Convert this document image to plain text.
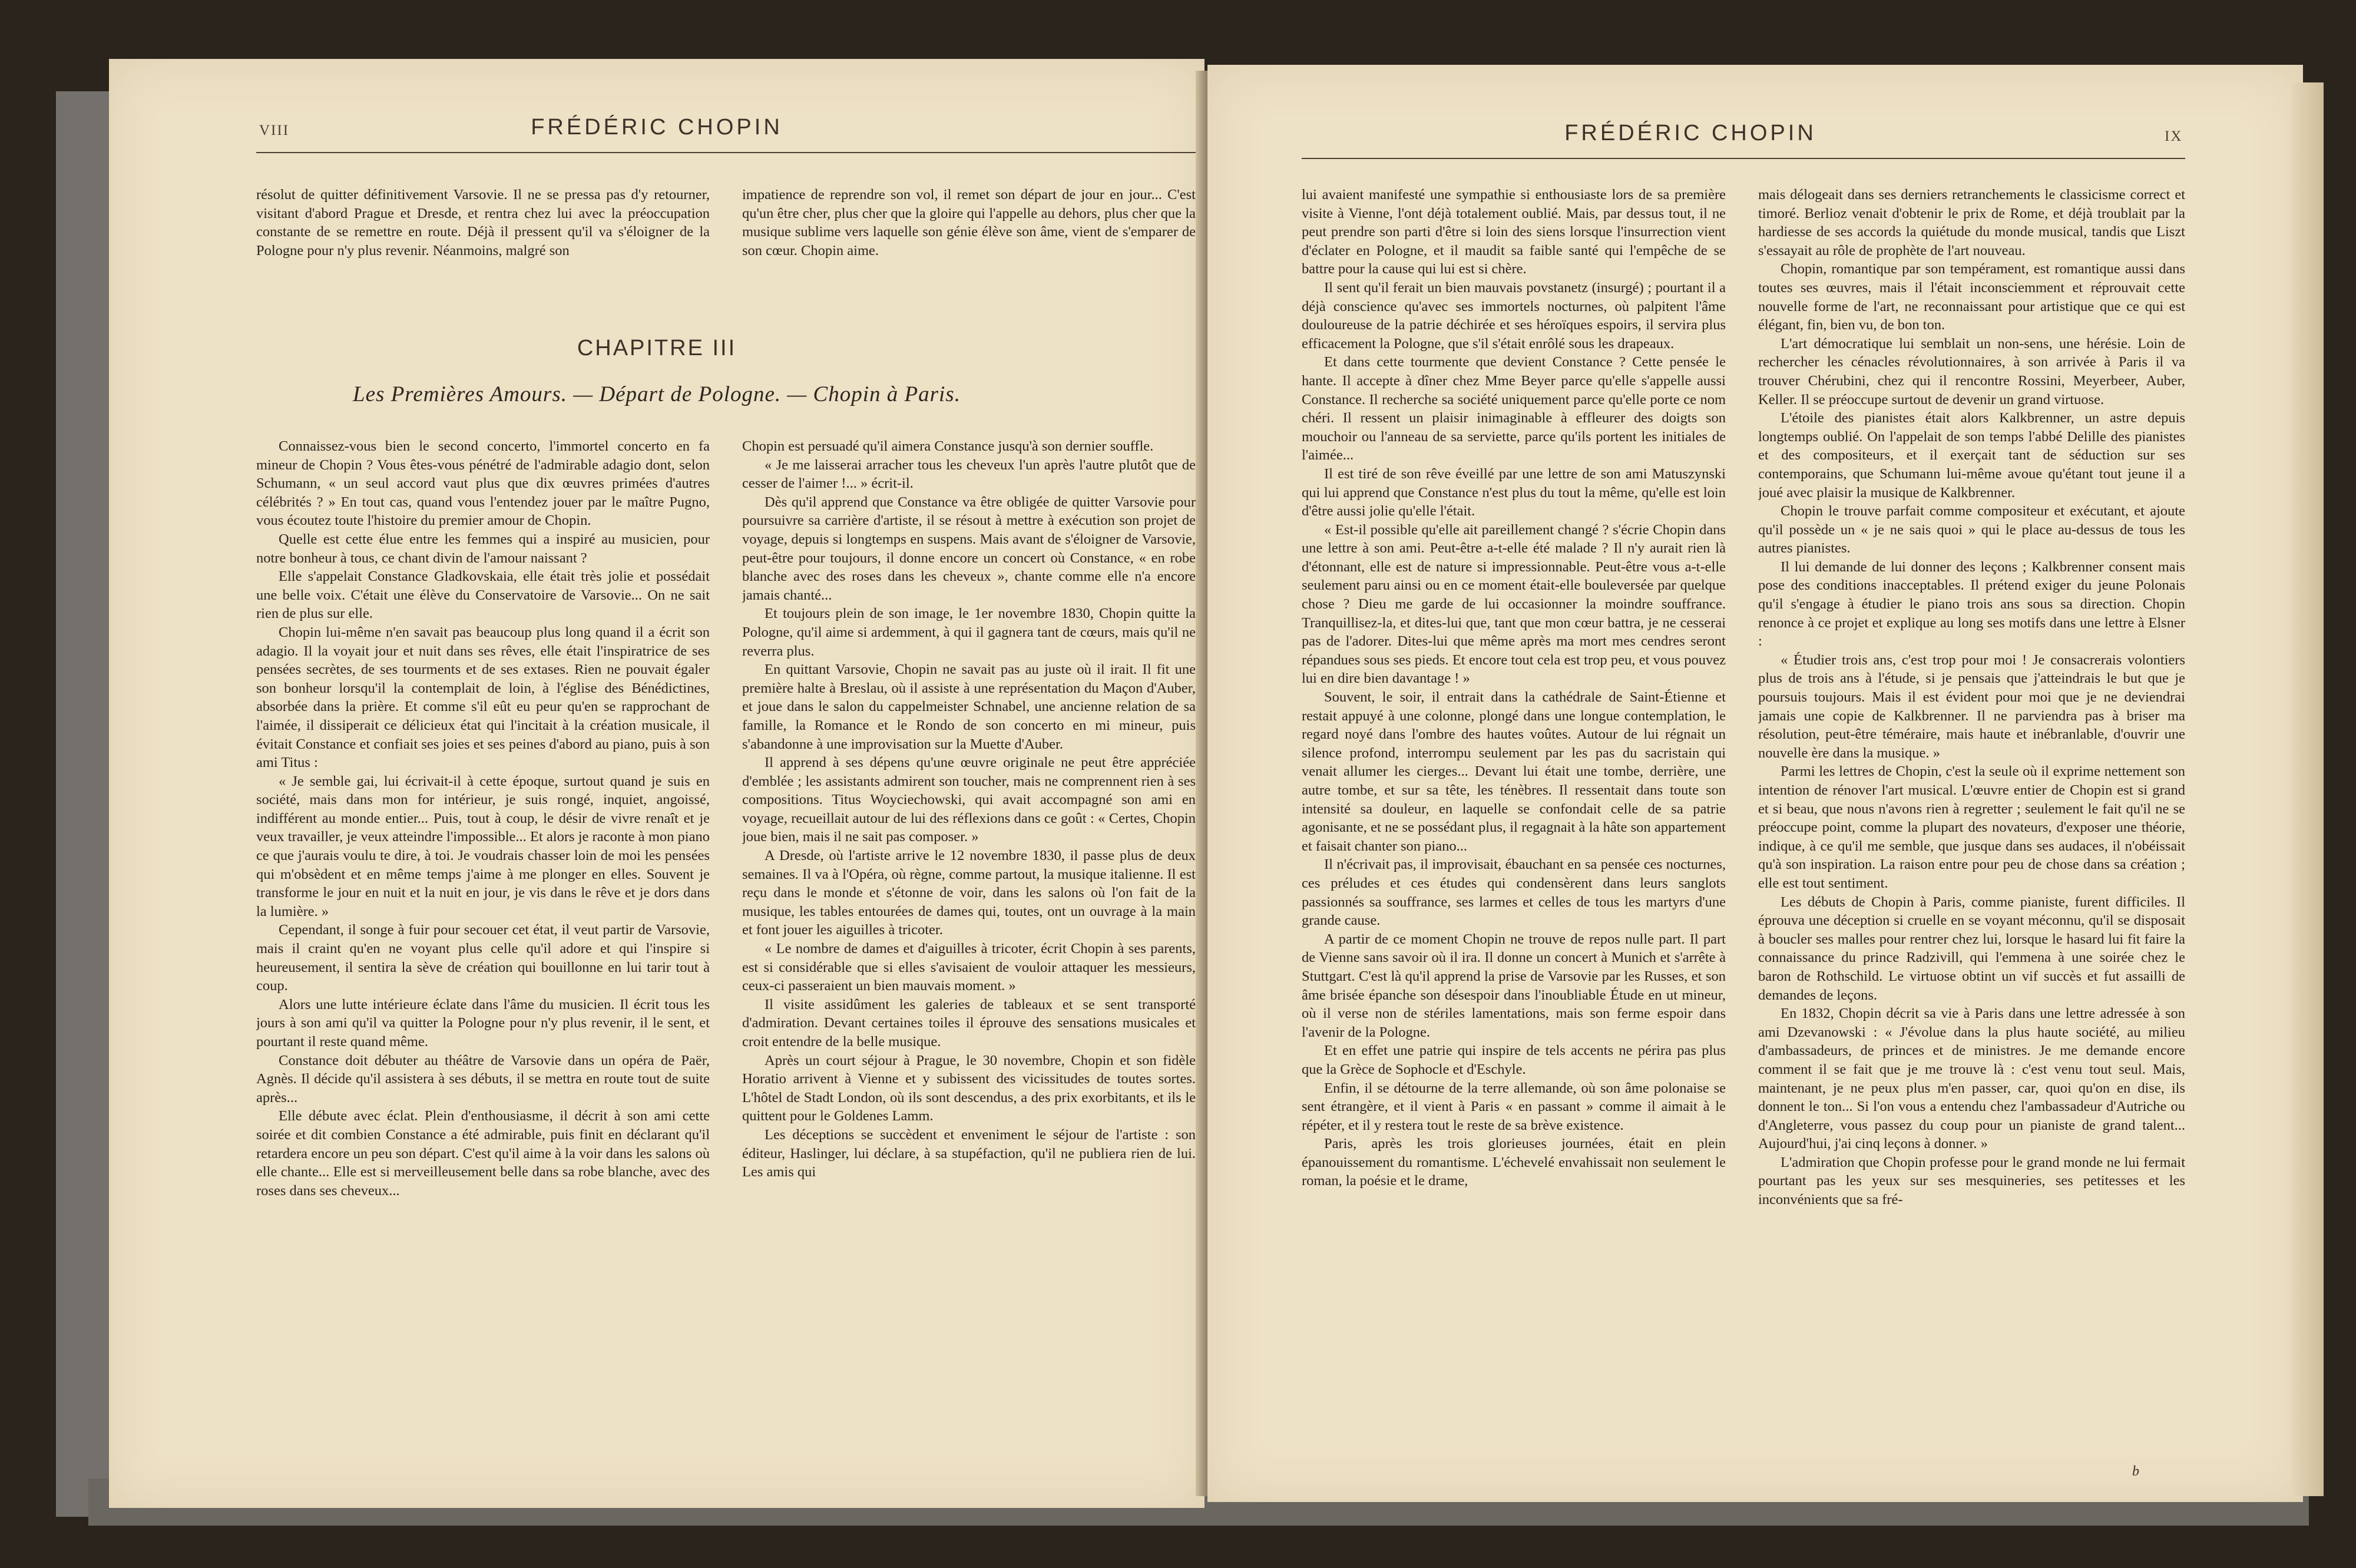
VIII	FRÉDÉRIC CHOPIN

résolut de quitter définitivement Varsovie. Il ne se pressa pas d'y retourner, visitant d'abord Prague et Dresde, et rentra chez lui avec la préoccupation constante de se remettre en route. Déjà il pressent qu'il va s'éloigner de la Pologne pour n'y plus revenir. Néanmoins, malgré son

impatience de reprendre son vol, il remet son départ de jour en jour... C'est qu'un être cher, plus cher que la gloire qui l'appelle au dehors, plus cher que la musique sublime vers laquelle son génie élève son âme, vient de s'emparer de son cœur. Chopin aime.

CHAPITRE III
Les Premières Amours. — Départ de Pologne. — Chopin à Paris.

Connaissez-vous bien le second concerto, l'immortel concerto en fa mineur de Chopin ? Vous êtes-vous pénétré de l'admirable adagio dont, selon Schumann, « un seul accord vaut plus que dix œuvres primées d'autres célébrités ? » En tout cas, quand vous l'entendez jouer par le maître Pugno, vous écoutez toute l'histoire du premier amour de Chopin.

Quelle est cette élue entre les femmes qui a inspiré au musicien, pour notre bonheur à tous, ce chant divin de l'amour naissant ?

Elle s'appelait Constance Gladkovskaia, elle était très jolie et possédait une belle voix. C'était une élève du Conservatoire de Varsovie... On ne sait rien de plus sur elle.

Chopin lui-même n'en savait pas beaucoup plus long quand il a écrit son adagio. Il la voyait jour et nuit dans ses rêves, elle était l'inspiratrice de ses pensées secrètes, de ses tourments et de ses extases. Rien ne pouvait égaler son bonheur lorsqu'il la contemplait de loin, à l'église des Bénédictines, absorbée dans la prière. Et comme s'il eût eu peur qu'en se rapprochant de l'aimée, il dissiperait ce délicieux état qui l'incitait à la création musicale, il évitait Constance et confiait ses joies et ses peines d'abord au piano, puis à son ami Titus :

« Je semble gai, lui écrivait-il à cette époque, surtout quand je suis en société, mais dans mon for intérieur, je suis rongé, inquiet, angoissé, indifférent au monde entier... Puis, tout à coup, le désir de vivre renaît et je veux travailler, je veux atteindre l'impossible... Et alors je raconte à mon piano ce que j'aurais voulu te dire, à toi. Je voudrais chasser loin de moi les pensées qui m'obsèdent et en même temps j'aime à me plonger en elles. Souvent je transforme le jour en nuit et la nuit en jour, je vis dans le rêve et je dors dans la lumière. »

Cependant, il songe à fuir pour secouer cet état, il veut partir de Varsovie, mais il craint qu'en ne voyant plus celle qu'il adore et qui l'inspire si heureusement, il sentira la sève de création qui bouillonne en lui tarir tout à coup.

Alors une lutte intérieure éclate dans l'âme du musicien. Il écrit tous les jours à son ami qu'il va quitter la Pologne pour n'y plus revenir, il le sent, et pourtant il reste quand même.

Constance doit débuter au théâtre de Varsovie dans un opéra de Paër, Agnès. Il décide qu'il assistera à ses débuts, il se mettra en route tout de suite après...

Elle débute avec éclat. Plein d'enthousiasme, il décrit à son ami cette soirée et dit combien Constance a été admirable, puis finit en déclarant qu'il retardera encore un peu son départ. C'est qu'il aime à la voir dans les salons où elle chante... Elle est si merveilleusement belle dans sa robe blanche, avec des roses dans ses cheveux...

Chopin est persuadé qu'il aimera Constance jusqu'à son dernier souffle.

« Je me laisserai arracher tous les cheveux l'un après l'autre plutôt que de cesser de l'aimer !... » écrit-il.

Dès qu'il apprend que Constance va être obligée de quitter Varsovie pour poursuivre sa carrière d'artiste, il se résout à mettre à exécution son projet de voyage, depuis si longtemps en suspens. Mais avant de s'éloigner de Varsovie, peut-être pour toujours, il donne encore un concert où Constance, « en robe blanche avec des roses dans les cheveux », chante comme elle n'a encore jamais chanté...

Et toujours plein de son image, le 1er novembre 1830, Chopin quitte la Pologne, qu'il aime si ardemment, à qui il gagnera tant de cœurs, mais qu'il ne reverra plus.

En quittant Varsovie, Chopin ne savait pas au juste où il irait. Il fit une première halte à Breslau, où il assiste à une représentation du Maçon d'Auber, et joue dans le salon du cappelmeister Schnabel, une ancienne relation de sa famille, la Romance et le Rondo de son concerto en mi mineur, puis s'abandonne à une improvisation sur la Muette d'Auber.

Il apprend à ses dépens qu'une œuvre originale ne peut être appréciée d'emblée ; les assistants admirent son toucher, mais ne comprennent rien à ses compositions. Titus Woyciechowski, qui avait accompagné son ami en voyage, recueillait autour de lui des réflexions dans ce goût : « Certes, Chopin joue bien, mais il ne sait pas composer. »

A Dresde, où l'artiste arrive le 12 novembre 1830, il passe plus de deux semaines. Il va à l'Opéra, où règne, comme partout, la musique italienne. Il est reçu dans le monde et s'étonne de voir, dans les salons où l'on fait de la musique, les tables entourées de dames qui, toutes, ont un ouvrage à la main et font jouer les aiguilles à tricoter.

« Le nombre de dames et d'aiguilles à tricoter, écrit Chopin à ses parents, est si considérable que si elles s'avisaient de vouloir attaquer les messieurs, ceux-ci passeraient un bien mauvais moment. »

Il visite assidûment les galeries de tableaux et se sent transporté d'admiration. Devant certaines toiles il éprouve des sensations musicales et croit entendre de la belle musique.

Après un court séjour à Prague, le 30 novembre, Chopin et son fidèle Horatio arrivent à Vienne et y subissent des vicissitudes de toutes sortes. L'hôtel de Stadt London, où ils sont descendus, a des prix exorbitants, et ils le quittent pour le Goldenes Lamm.

Les déceptions se succèdent et enveniment le séjour de l'artiste : son éditeur, Haslinger, lui déclare, à sa stupéfaction, qu'il ne publiera rien de lui. Les amis qui

FRÉDÉRIC CHOPIN	IX

lui avaient manifesté une sympathie si enthousiaste lors de sa première visite à Vienne, l'ont déjà totalement oublié. Mais, par dessus tout, il ne peut prendre son parti d'être si loin des siens lorsque l'insurrection vient d'éclater en Pologne, et il maudit sa faible santé qui l'empêche de se battre pour la cause qui lui est si chère.

Il sent qu'il ferait un bien mauvais povstanetz (insurgé) ; pourtant il a déjà conscience qu'avec ses immortels nocturnes, où palpitent l'âme douloureuse de la patrie déchirée et ses héroïques espoirs, il servira plus efficacement la Pologne, que s'il s'était enrôlé sous les drapeaux.

Et dans cette tourmente que devient Constance ? Cette pensée le hante. Il accepte à dîner chez Mme Beyer parce qu'elle s'appelle aussi Constance. Il recherche sa société uniquement parce qu'elle porte ce nom chéri. Il ressent un plaisir inimaginable à effleurer des doigts son mouchoir ou l'anneau de sa serviette, parce qu'ils portent les initiales de l'aimée...

Il est tiré de son rêve éveillé par une lettre de son ami Matuszynski qui lui apprend que Constance n'est plus du tout la même, qu'elle est loin d'être aussi jolie qu'elle l'était.

« Est-il possible qu'elle ait pareillement changé ? s'écrie Chopin dans une lettre à son ami. Peut-être a-t-elle été malade ? Il n'y aurait rien là d'étonnant, elle est de nature si impressionnable. Peut-être vous a-t-elle seulement paru ainsi ou en ce moment était-elle bouleversée par quelque chose ? Dieu me garde de lui occasionner la moindre souffrance. Tranquillisez-la, et dites-lui que, tant que mon cœur battra, je ne cesserai pas de l'adorer. Dites-lui que même après ma mort mes cendres seront répandues sous ses pieds. Et encore tout cela est trop peu, et vous pouvez lui en dire bien davantage ! »

Souvent, le soir, il entrait dans la cathédrale de Saint-Étienne et restait appuyé à une colonne, plongé dans une longue contemplation, le regard noyé dans l'ombre des hautes voûtes. Autour de lui régnait un silence profond, interrompu seulement par les pas du sacristain qui venait allumer les cierges... Devant lui était une tombe, derrière, une autre tombe, et sur sa tête, les ténèbres. Il ressentait dans toute son intensité sa douleur, en laquelle se confondait celle de sa patrie agonisante, et ne se possédant plus, il regagnait à la hâte son appartement et faisait chanter son piano...

Il n'écrivait pas, il improvisait, ébauchant en sa pensée ces nocturnes, ces préludes et ces études qui condensèrent dans leurs sanglots passionnés sa souffrance, ses larmes et celles de tous les martyrs d'une grande cause.

A partir de ce moment Chopin ne trouve de repos nulle part. Il part de Vienne sans savoir où il ira. Il donne un concert à Munich et s'arrête à Stuttgart. C'est là qu'il apprend la prise de Varsovie par les Russes, et son âme brisée épanche son désespoir dans l'inoubliable Étude en ut mineur, où il verse non de stériles lamentations, mais son ferme espoir dans l'avenir de la Pologne.

Et en effet une patrie qui inspire de tels accents ne périra pas plus que la Grèce de Sophocle et d'Eschyle.

Enfin, il se détourne de la terre allemande, où son âme polonaise se sent étrangère, et il vient à Paris « en passant » comme il aimait à le répéter, et il y restera tout le reste de sa brève existence.

Paris, après les trois glorieuses journées, était en plein épanouissement du romantisme. L'échevelé envahissait non seulement le roman, la poésie et le drame,

mais délogeait dans ses derniers retranchements le classicisme correct et timoré. Berlioz venait d'obtenir le prix de Rome, et déjà troublait par la hardiesse de ses accords la quiétude du monde musical, tandis que Liszt s'essayait au rôle de prophète de l'art nouveau.

Chopin, romantique par son tempérament, est romantique aussi dans toutes ses œuvres, mais il l'était inconsciemment et réprouvait cette nouvelle forme de l'art, ne reconnaissant pour artistique que ce qui est élégant, fin, bien vu, de bon ton.

L'art démocratique lui semblait un non-sens, une hérésie. Loin de rechercher les cénacles révolutionnaires, à son arrivée à Paris il va trouver Chérubini, chez qui il rencontre Rossini, Meyerbeer, Auber, Keller. Il se préoccupe surtout de devenir un grand virtuose.

L'étoile des pianistes était alors Kalkbrenner, un astre depuis longtemps oublié. On l'appelait de son temps l'abbé Delille des pianistes et des compositeurs, et il exerçait tant de séduction sur ses contemporains, que Schumann lui-même avoue qu'étant tout jeune il a joué avec plaisir la musique de Kalkbrenner.

Chopin le trouve parfait comme compositeur et exécutant, et ajoute qu'il possède un « je ne sais quoi » qui le place au-dessus de tous les autres pianistes.

Il lui demande de lui donner des leçons ; Kalkbrenner consent mais pose des conditions inacceptables. Il prétend exiger du jeune Polonais qu'il s'engage à étudier le piano trois ans sous sa direction. Chopin renonce à ce projet et explique au long ses motifs dans une lettre à Elsner :

« Étudier trois ans, c'est trop pour moi ! Je consacrerais volontiers plus de trois ans à l'étude, si je pensais que j'atteindrais le but que je poursuis toujours. Mais il est évident pour moi que je ne deviendrai jamais une copie de Kalkbrenner. Il ne parviendra pas à briser ma résolution, peut-être téméraire, mais haute et inébranlable, d'ouvrir une nouvelle ère dans la musique. »

Parmi les lettres de Chopin, c'est la seule où il exprime nettement son intention de rénover l'art musical. L'œuvre entier de Chopin est si grand et si beau, que nous n'avons rien à regretter ; seulement le fait qu'il ne se préoccupe point, comme la plupart des novateurs, d'exposer une théorie, indique, à ce qu'il me semble, que jusque dans ses audaces, il n'obéissait qu'à son inspiration. La raison entre pour peu de chose dans sa création ; elle est tout sentiment.

Les débuts de Chopin à Paris, comme pianiste, furent difficiles. Il éprouva une déception si cruelle en se voyant méconnu, qu'il se disposait à boucler ses malles pour rentrer chez lui, lorsque le hasard lui fit faire la connaissance du prince Radzivill, qui l'emmena à une soirée chez le baron de Rothschild. Le virtuose obtint un vif succès et fut assailli de demandes de leçons.

En 1832, Chopin décrit sa vie à Paris dans une lettre adressée à son ami Dzevanowski : « J'évolue dans la plus haute société, au milieu d'ambassadeurs, de princes et de ministres. Je me demande encore comment il se fait que je me trouve là : c'est venu tout seul. Mais, maintenant, je ne peux plus m'en passer, car, quoi qu'on en dise, ils donnent le ton... Si l'on vous a entendu chez l'ambassadeur d'Autriche ou d'Angleterre, vous passez du coup pour un pianiste de grand talent... Aujourd'hui, j'ai cinq leçons à donner. »

L'admiration que Chopin professe pour le grand monde ne lui fermait pourtant pas les yeux sur ses mesquineries, ses petitesses et les inconvénients que sa fré-

b
